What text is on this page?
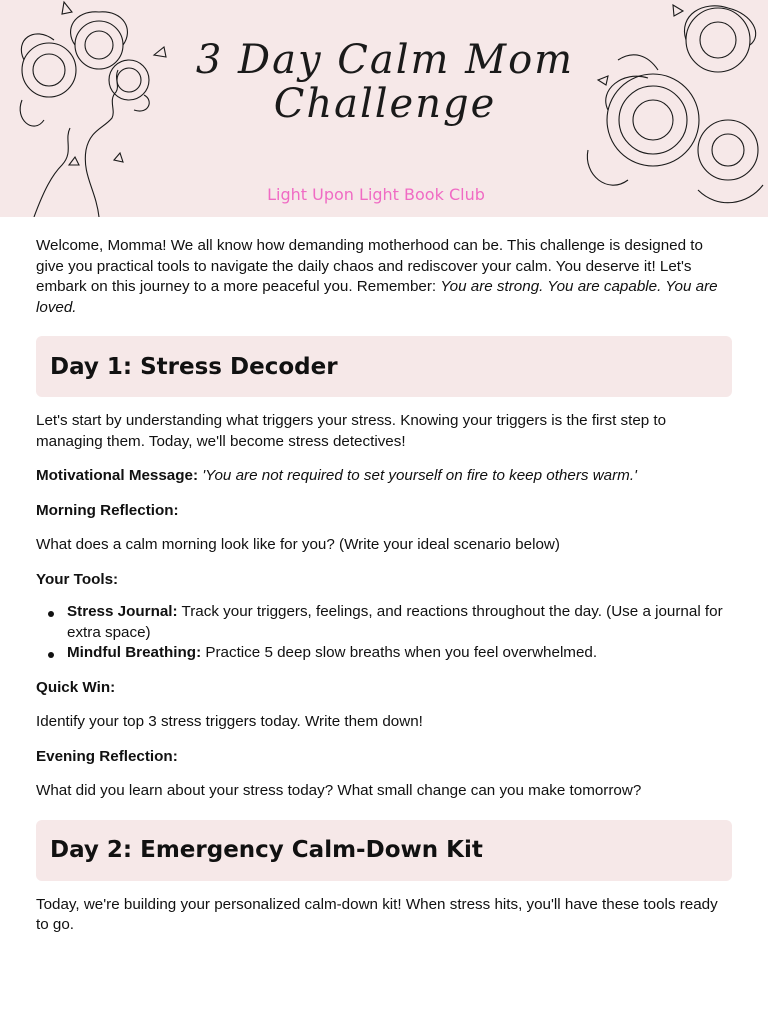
3 Day Calm Mom
Challenge
Light Upon Light Book Club

Welcome, Momma! We all know how demanding motherhood can be. This challenge is designed to give you practical tools to navigate the daily chaos and rediscover your calm. You deserve it! Let's embark on this journey to a more peaceful you. Remember: You are strong. You are capable. You are loved.

Day 1: Stress Decoder

Let's start by understanding what triggers your stress. Knowing your triggers is the first step to managing them. Today, we'll become stress detectives!

Motivational Message: 'You are not required to set yourself on fire to keep others warm.'

Morning Reflection:

What does a calm morning look like for you? (Write your ideal scenario below)

Your Tools:

Stress Journal: Track your triggers, feelings, and reactions throughout the day. (Use a journal for extra space)
Mindful Breathing: Practice 5 deep slow breaths when you feel overwhelmed.

Quick Win:

Identify your top 3 stress triggers today. Write them down!

Evening Reflection:

What did you learn about your stress today? What small change can you make tomorrow?

Day 2: Emergency Calm-Down Kit

Today, we're building your personalized calm-down kit! When stress hits, you'll have these tools ready to go.
